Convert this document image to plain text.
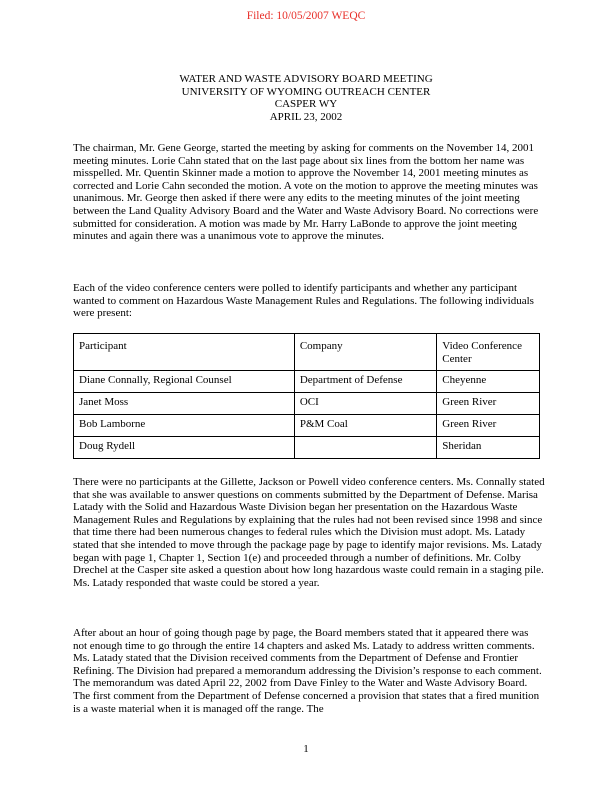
Filed: 10/05/2007 WEQC
WATER AND WASTE ADVISORY BOARD MEETING
UNIVERSITY OF WYOMING OUTREACH CENTER
CASPER WY
APRIL 23, 2002

The chairman, Mr. Gene George, started the meeting by asking for comments on the November 14, 2001 meeting minutes. Lorie Cahn stated that on the last page about six lines from the bottom her name was misspelled. Mr. Quentin Skinner made a motion to approve the November 14, 2001 meeting minutes as corrected and Lorie Cahn seconded the motion. A vote on the motion to approve the meeting minutes was unanimous. Mr. George then asked if there were any edits to the meeting minutes of the joint meeting between the Land Quality Advisory Board and the Water and Waste Advisory Board. No corrections were submitted for consideration. A motion was made by Mr. Harry LaBonde to approve the joint meeting minutes and again there was a unanimous vote to approve the minutes.

Each of the video conference centers were polled to identify participants and whether any participant wanted to comment on Hazardous Waste Management Rules and Regulations. The following individuals were present:

Participant	Company	Video Conference Center
Diane Connally, Regional Counsel	Department of Defense	Cheyenne
Janet Moss	OCI	Green River
Bob Lamborne	P&M Coal	Green River
Doug Rydell		Sheridan

There were no participants at the Gillette, Jackson or Powell video conference centers. Ms. Connally stated that she was available to answer questions on comments submitted by the Department of Defense. Marisa Latady with the Solid and Hazardous Waste Division began her presentation on the Hazardous Waste Management Rules and Regulations by explaining that the rules had not been revised since 1998 and since that time there had been numerous changes to federal rules which the Division must adopt. Ms. Latady stated that she intended to move through the package page by page to identify major revisions. Ms. Latady began with page 1, Chapter 1, Section 1(e) and proceeded through a number of definitions. Mr. Colby Drechel at the Casper site asked a question about how long hazardous waste could remain in a staging pile. Ms. Latady responded that waste could be stored a year.

After about an hour of going though page by page, the Board members stated that it appeared there was not enough time to go through the entire 14 chapters and asked Ms. Latady to address written comments. Ms. Latady stated that the Division received comments from the Department of Defense and Frontier Refining. The Division had prepared a memorandum addressing the Division’s response to each comment. The memorandum was dated April 22, 2002 from Dave Finley to the Water and Waste Advisory Board. The first comment from the Department of Defense concerned a provision that states that a fired munition is a waste material when it is managed off the range. The

1
